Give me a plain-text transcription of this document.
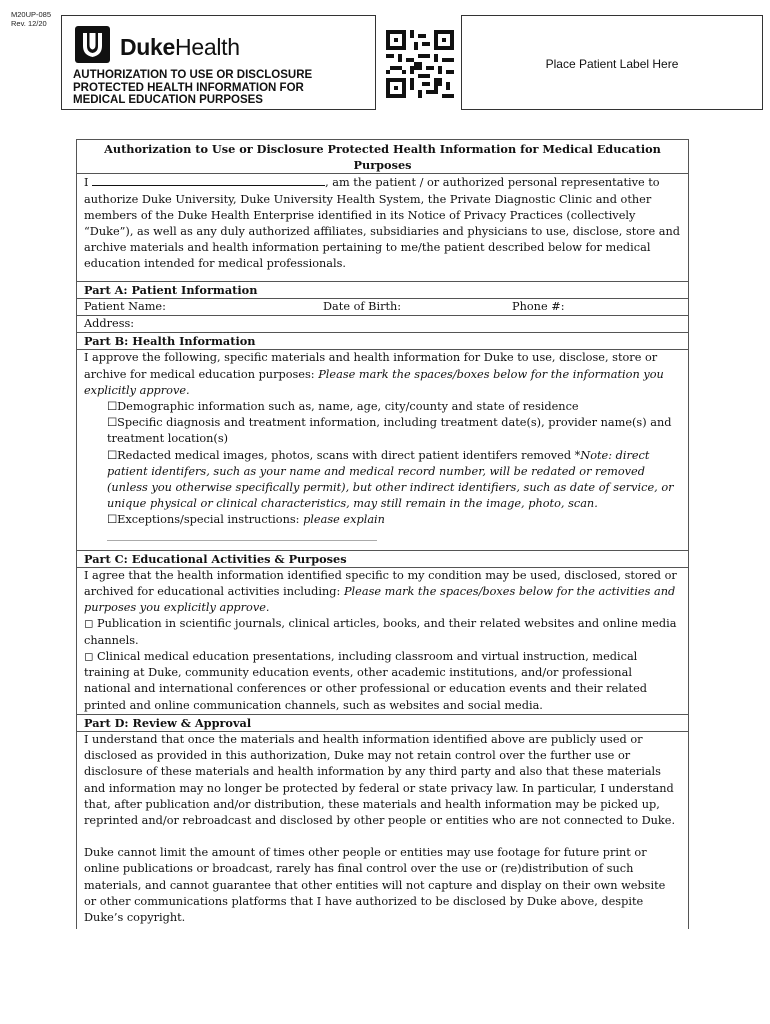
M20UP-085
Rev. 12/20
DukeHealth
AUTHORIZATION TO USE OR DISCLOSURE
PROTECTED HEALTH INFORMATION FOR
MEDICAL EDUCATION PURPOSES
Place Patient Label Here
Authorization to Use or Disclosure Protected Health Information for Medical Education Purposes
I	, am the patient / or authorized personal representative to authorize Duke University, Duke University Health System, the Private Diagnostic Clinic and other members of the Duke Health Enterprise identified in its Notice of Privacy Practices (collectively “Duke”), as well as any duly authorized affiliates, subsidiaries and physicians to use, disclose, store and archive materials and health information pertaining to me/the patient described below for medical education intended for medical professionals.
Part A: Patient Information
Patient Name:	Date of Birth:	Phone #:
Address:
Part B: Health Information
I approve the following, specific materials and health information for Duke to use, disclose, store or archive for medical education purposes: Please mark the spaces/boxes below for the information you explicitly approve.
☐Demographic information such as, name, age, city/county and state of residence
☐Specific diagnosis and treatment information, including treatment date(s), provider name(s) and treatment location(s)
☐Redacted medical images, photos, scans with direct patient identifers removed *Note: direct patient identifers, such as your name and medical record number, will be redated or removed (unless you otherwise specifically permit), but other indirect identifiers, such as date of service, or unique physical or clinical characteristics, may still remain in the image, photo, scan.
☐Exceptions/special instructions: please explain
____________________________________________________________
Part C: Educational Activities & Purposes
I agree that the health information identified specific to my condition may be used, disclosed, stored or archived for educational activities including: Please mark the spaces/boxes below for the activities and purposes you explicitly approve.
◻ Publication in scientific journals, clinical articles, books, and their related websites and online media channels.
◻ Clinical medical education presentations, including classroom and virtual instruction, medical training at Duke, community education events, other academic institutions, and/or professional national and international conferences or other professional or education events and their related printed and online communication channels, such as websites and social media.
Part D: Review & Approval
I understand that once the materials and health information identified above are publicly used or disclosed as provided in this authorization, Duke may not retain control over the further use or disclosure of these materials and health information by any third party and also that these materials and information may no longer be protected by federal or state privacy law. In particular, I understand that, after publication and/or distribution, these materials and health information may be picked up, reprinted and/or rebroadcast and disclosed by other people or entities who are not connected to Duke.
Duke cannot limit the amount of times other people or entities may use footage for future print or online publications or broadcast, rarely has final control over the use or (re)distribution of such materials, and cannot guarantee that other entities will not capture and display on their own website or other communications platforms that I have authorized to be disclosed by Duke above, despite Duke’s copyright.
